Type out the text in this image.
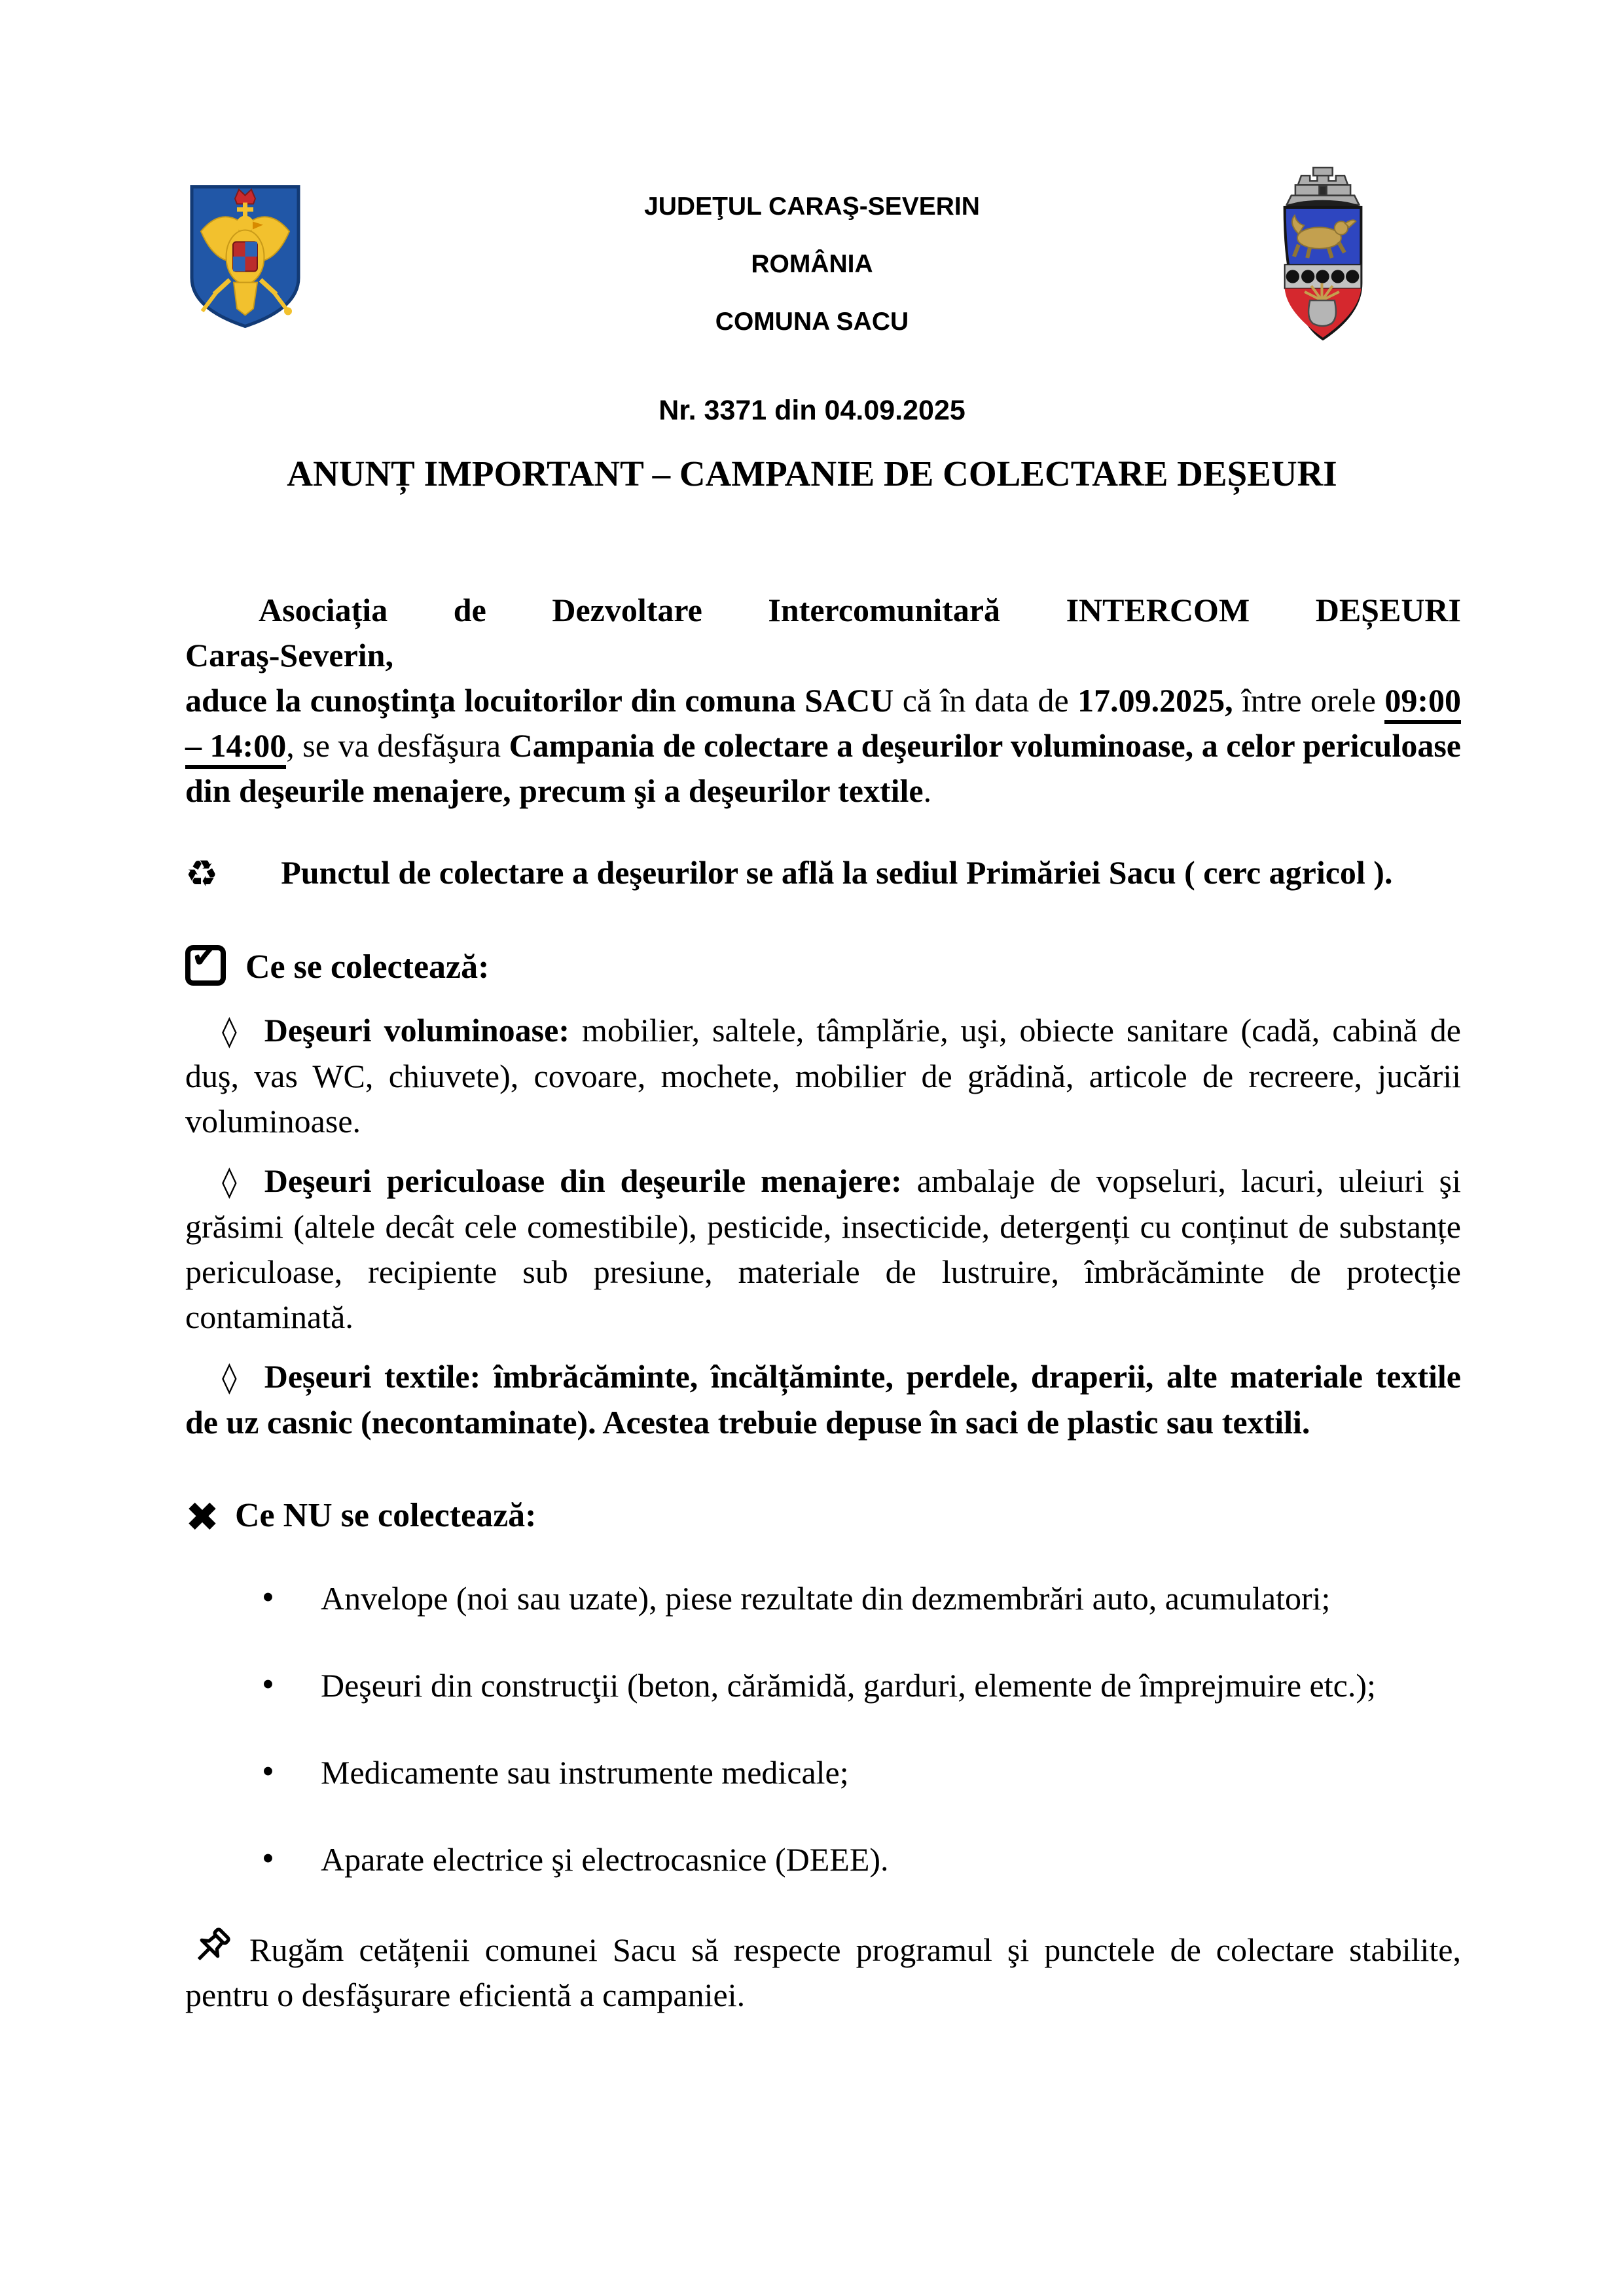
JUDEŢUL CARAŞ-SEVERIN
ROMÂNIA
COMUNA SACU
Nr. 3371 din 04.09.2025
ANUNȚ IMPORTANT – CAMPANIE DE COLECTARE DEȘEURI

Asociația de Dezvoltare Intercomunitară INTERCOM DEȘEURICaraş-Severin,
aduce la cunoştinţa locuitorilor din comuna SACU că în data de 17.09.2025, între orele 09:00 – 14:00, se va desfăşura Campania de colectare a deşeurilor voluminoase, a celor periculoase din deşeurile menajere, precum şi a deşeurilor textile.

♻ Punctul de colectare a deşeurilor se află la sediul Primăriei Sacu ( cerc agricol ).

✔ Ce se colectează:

◊ Deşeuri voluminoase: mobilier, saltele, tâmplărie, uşi, obiecte sanitare (cadă, cabină de duş, vas WC, chiuvete), covoare, mochete, mobilier de grădină, articole de recreere, jucării voluminoase.
◊ Deşeuri periculoase din deşeurile menajere: ambalaje de vopseluri, lacuri, uleiuri şi grăsimi (altele decât cele comestibile), pesticide, insecticide, detergenți cu conținut de substanțe periculoase, recipiente sub presiune, materiale de lustruire, îmbrăcăminte de protecție contaminată.
◊ Deșeuri textile: îmbrăcăminte, încălțăminte, perdele, draperii, alte materiale textile de uz casnic (necontaminate). Acestea trebuie depuse în saci de plastic sau textili.

✖ Ce NU se colectează:

• Anvelope (noi sau uzate), piese rezultate din dezmembrări auto, acumulatori;
• Deşeuri din construcţii (beton, cărămidă, garduri, elemente de împrejmuire etc.);
• Medicamente sau instrumente medicale;
• Aparate electrice şi electrocasnice (DEEE).

Rugăm cetățenii comunei Sacu să respecte programul şi punctele de colectare stabilite, pentru o desfăşurare eficientă a campaniei.
